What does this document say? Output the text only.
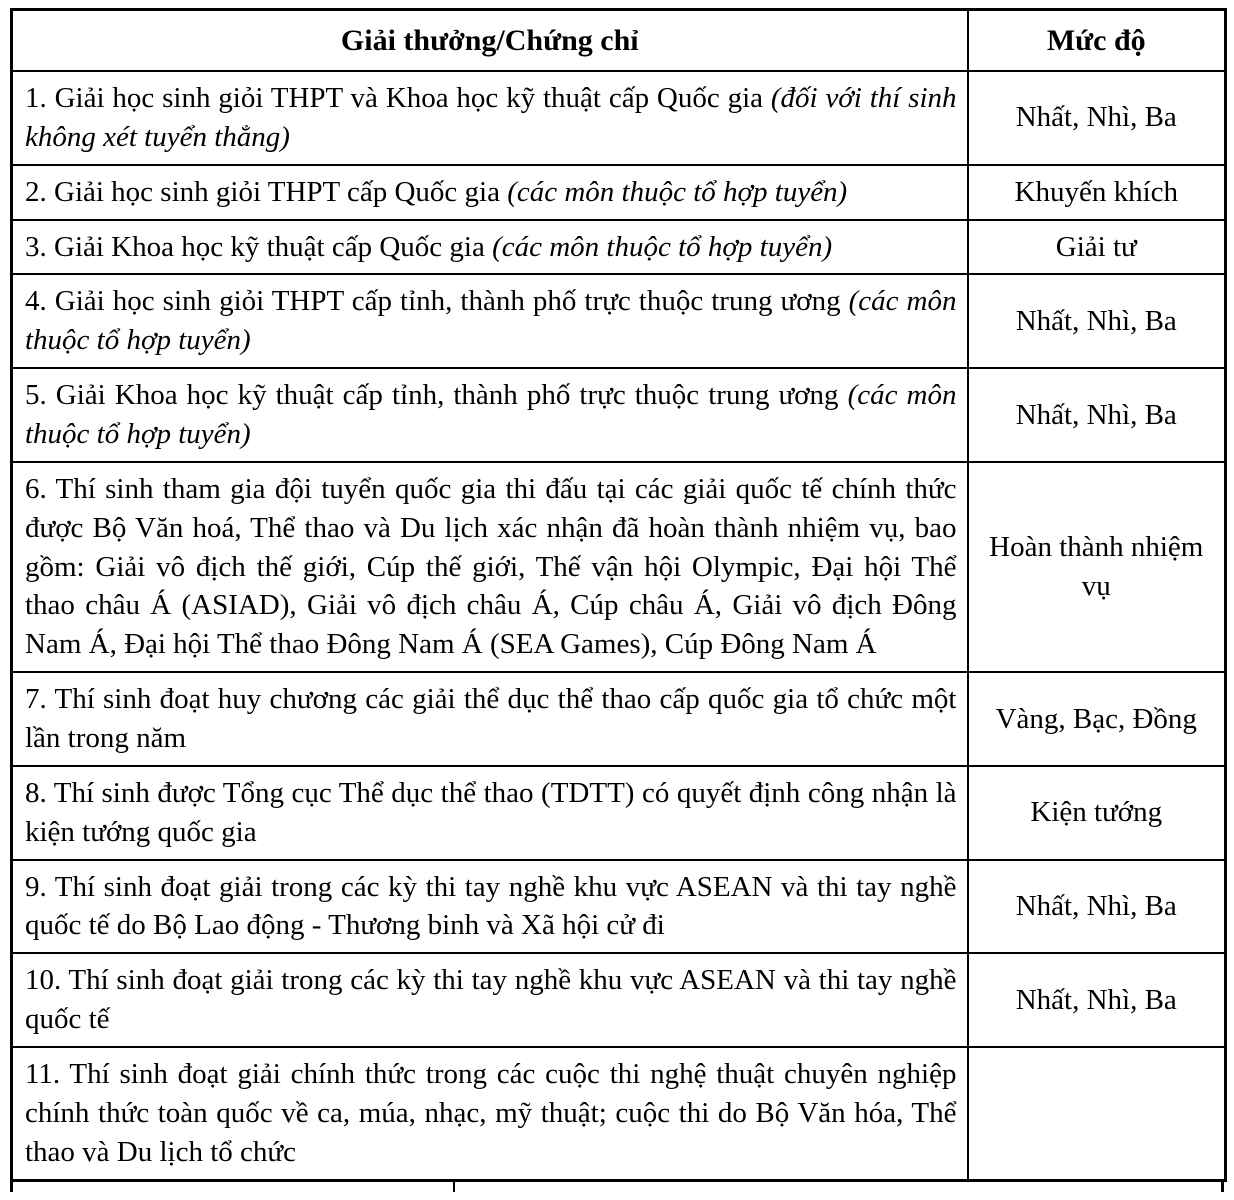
Giải thưởng/Chứng chỉ	Mức độ
1. Giải học sinh giỏi THPT và Khoa học kỹ thuật cấp Quốc gia (đối với thí sinh không xét tuyển thẳng)	Nhất, Nhì, Ba
2. Giải học sinh giỏi THPT cấp Quốc gia (các môn thuộc tổ hợp tuyển)	Khuyến khích
3. Giải Khoa học kỹ thuật cấp Quốc gia (các môn thuộc tổ hợp tuyển)	Giải tư
4. Giải học sinh giỏi THPT cấp tỉnh, thành phố trực thuộc trung ương (các môn thuộc tổ hợp tuyển)	Nhất, Nhì, Ba
5. Giải Khoa học kỹ thuật cấp tỉnh, thành phố trực thuộc trung ương (các môn thuộc tổ hợp tuyển)	Nhất, Nhì, Ba
6. Thí sinh tham gia đội tuyển quốc gia thi đấu tại các giải quốc tế chính thức được Bộ Văn hoá, Thể thao và Du lịch xác nhận đã hoàn thành nhiệm vụ, bao gồm: Giải vô địch thế giới, Cúp thế giới, Thế vận hội Olympic, Đại hội Thể thao châu Á (ASIAD), Giải vô địch châu Á, Cúp châu Á, Giải vô địch Đông Nam Á, Đại hội Thể thao Đông Nam Á (SEA Games), Cúp Đông Nam Á	Hoàn thành nhiệm vụ
7. Thí sinh đoạt huy chương các giải thể dục thể thao cấp quốc gia tổ chức một lần trong năm	Vàng, Bạc, Đồng
8. Thí sinh được Tổng cục Thể dục thể thao (TDTT) có quyết định công nhận là kiện tướng quốc gia	Kiện tướng
9. Thí sinh đoạt giải trong các kỳ thi tay nghề khu vực ASEAN và thi tay nghề quốc tế do Bộ Lao động - Thương binh và Xã hội cử đi	Nhất, Nhì, Ba
10. Thí sinh đoạt giải trong các kỳ thi tay nghề khu vực ASEAN và thi tay nghề quốc tế	Nhất, Nhì, Ba
11. Thí sinh đoạt giải chính thức trong các cuộc thi nghệ thuật chuyên nghiệp chính thức toàn quốc về ca, múa, nhạc, mỹ thuật; cuộc thi do Bộ Văn hóa, Thể thao và Du lịch tổ chức	
